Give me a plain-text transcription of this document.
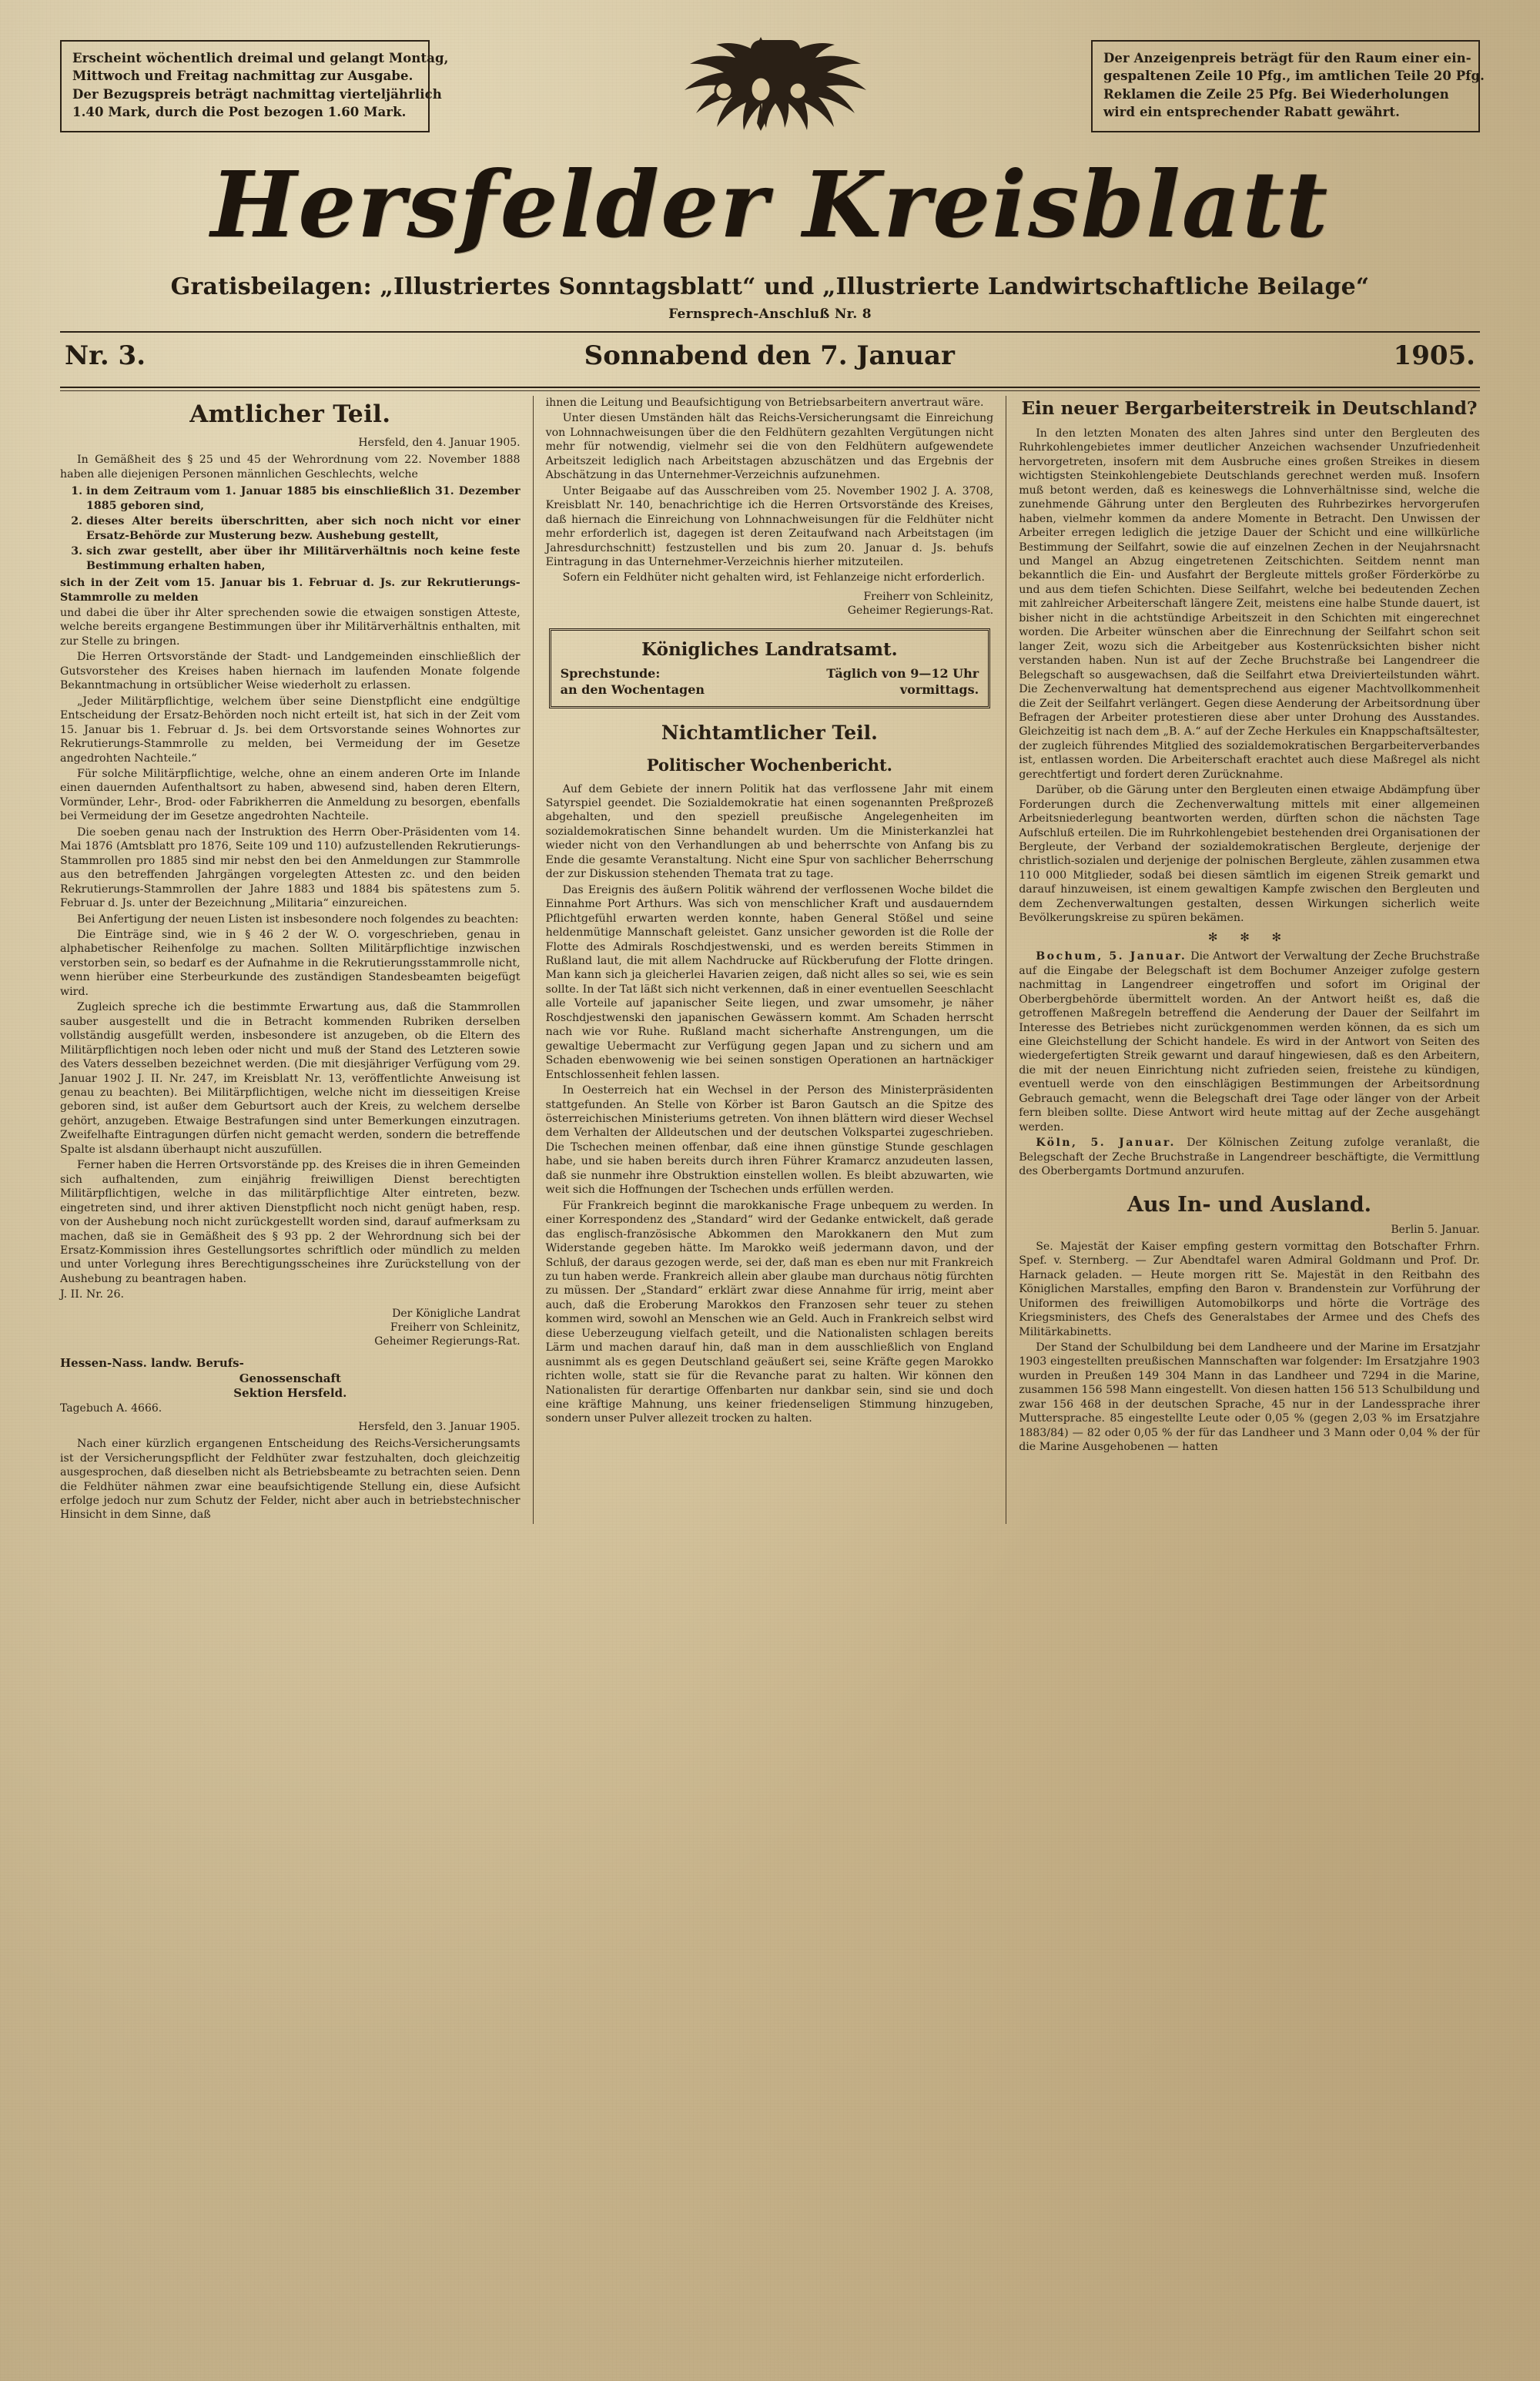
Erscheint wöchentlich dreimal und gelangt Montag,
Mittwoch und Freitag nachmittag zur Ausgabe.
Der Bezugspreis beträgt nachmittag vierteljährlich
1.40 Mark, durch die Post bezogen 1.60 Mark.
Der Anzeigenpreis beträgt für den Raum einer ein-
gespaltenen Zeile 10 Pfg., im amtlichen Teile 20 Pfg.
Reklamen die Zeile 25 Pfg. Bei Wiederholungen
wird ein entsprechender Rabatt gewährt.
Hersfelder Kreisblatt
Gratisbeilagen: „Illustriertes Sonntagsblatt“ und „Illustrierte Landwirtschaftliche Beilage“
Fernsprech-Anschluß Nr. 8
Nr. 3.	Sonnabend den 7. Januar	1905.
Amtlicher Teil.
Hersfeld, den 4. Januar 1905.

In Gemäßheit des § 25 und 45 der Wehrordnung vom 22. November 1888 haben alle diejenigen Personen männlichen Geschlechts, welche

1. in dem Zeitraum vom 1. Januar 1885 bis einschließlich 31. Dezember 1885 geboren sind,
2. dieses Alter bereits überschritten, aber sich noch nicht vor einer Ersatz-Behörde zur Musterung bezw. Aushebung gestellt,
3. sich zwar gestellt, aber über ihr Militärverhältnis noch keine feste Bestimmung erhalten haben,

sich in der Zeit vom 15. Januar bis 1. Februar d. Js. zur Rekrutierungs-Stammrolle zu melden

und dabei die über ihr Alter sprechenden sowie die etwaigen sonstigen Atteste, welche bereits ergangene Bestimmungen über ihr Militärverhältnis enthalten, mit zur Stelle zu bringen.

Die Herren Ortsvorstände der Stadt- und Landgemeinden einschließlich der Gutsvorsteher des Kreises haben hiernach im laufenden Monate folgende Bekanntmachung in ortsüblicher Weise wiederholt zu erlassen.

„Jeder Militärpflichtige, welchem über seine Dienstpflicht eine endgültige Entscheidung der Ersatz-Behörden noch nicht erteilt ist, hat sich in der Zeit vom 15. Januar bis 1. Februar d. Js. bei dem Ortsvorstande seines Wohnortes zur Rekrutierungs-Stammrolle zu melden, bei Vermeidung der im Gesetze angedrohten Nachteile.“

Für solche Militärpflichtige, welche, ohne an einem anderen Orte im Inlande einen dauernden Aufenthaltsort zu haben, abwesend sind, haben deren Eltern, Vormünder, Lehr-, Brod- oder Fabrikherren die Anmeldung zu besorgen, ebenfalls bei Vermeidung der im Gesetze angedrohten Nachteile.

Die soeben genau nach der Instruktion des Herrn Ober-Präsidenten vom 14. Mai 1876 (Amtsblatt pro 1876, Seite 109 und 110) aufzustellenden Rekrutierungs-Stammrollen pro 1885 sind mir nebst den bei den Anmeldungen zur Stammrolle aus den betreffenden Jahrgängen vorgelegten Attesten zc. und den beiden Rekrutierungs-Stammrollen der Jahre 1883 und 1884 bis spätestens zum 5. Februar d. Js. unter der Bezeichnung „Militaria“ einzureichen.

Bei Anfertigung der neuen Listen ist insbesondere noch folgendes zu beachten:

Die Einträge sind, wie in § 46 2 der W. O. vorgeschrieben, genau in alphabetischer Reihenfolge zu machen. Sollten Militärpflichtige inzwischen verstorben sein, so bedarf es der Aufnahme in die Rekrutierungsstammrolle nicht, wenn hierüber eine Sterbeurkunde des zuständigen Standesbeamten beigefügt wird.

Zugleich spreche ich die bestimmte Erwartung aus, daß die Stammrollen sauber ausgestellt und die in Betracht kommenden Rubriken derselben vollständig ausgefüllt werden, insbesondere ist anzugeben, ob die Eltern des Militärpflichtigen noch leben oder nicht und muß der Stand des Letzteren sowie des Vaters desselben bezeichnet werden. (Die mit diesjähriger Verfügung vom 29. Januar 1902 J. II. Nr. 247, im Kreisblatt Nr. 13, veröffentlichte Anweisung ist genau zu beachten). Bei Militärpflichtigen, welche nicht im diesseitigen Kreise geboren sind, ist außer dem Geburtsort auch der Kreis, zu welchem derselbe gehört, anzugeben. Etwaige Bestrafungen sind unter Bemerkungen einzutragen. Zweifelhafte Eintragungen dürfen nicht gemacht werden, sondern die betreffende Spalte ist alsdann überhaupt nicht auszufüllen.

Ferner haben die Herren Ortsvorstände pp. des Kreises die in ihren Gemeinden sich aufhaltenden, zum einjährig freiwilligen Dienst berechtigten Militärpflichtigen, welche in das militärpflichtige Alter eintreten, bezw. eingetreten sind, und ihrer aktiven Dienstpflicht noch nicht genügt haben, resp. von der Aushebung noch nicht zurückgestellt worden sind, darauf aufmerksam zu machen, daß sie in Gemäßheit des § 93 pp. 2 der Wehrordnung sich bei der Ersatz-Kommission ihres Gestellungsortes schriftlich oder mündlich zu melden und unter Vorlegung ihres Berechtigungsscheines ihre Zurückstellung von der Aushebung zu beantragen haben.

J. II. Nr. 26.

Der Königliche Landrat
Freiherr von Schleinitz,
Geheimer Regierungs-Rat.
Hessen-Nass. landw. Berufs-
Genossenschaft
Sektion Hersfeld.
Tagebuch A. 4666.
Hersfeld, den 3. Januar 1905.

Nach einer kürzlich ergangenen Entscheidung des Reichs-Versicherungsamts ist der Versicherungspflicht der Feldhüter zwar festzuhalten, doch gleichzeitig ausgesprochen, daß dieselben nicht als Betriebsbeamte zu betrachten seien. Denn die Feldhüter nähmen zwar eine beaufsichtigende Stellung ein, diese Aufsicht erfolge jedoch nur zum Schutz der Felder, nicht aber auch in betriebstechnischer Hinsicht in dem Sinne, daß

ihnen die Leitung und Beaufsichtigung von Betriebsarbeitern anvertraut wäre.

Unter diesen Umständen hält das Reichs-Versicherungsamt die Einreichung von Lohnnachweisungen über die den Feldhütern gezahlten Vergütungen nicht mehr für notwendig, vielmehr sei die von den Feldhütern aufgewendete Arbeitszeit lediglich nach Arbeitstagen abzuschätzen und das Ergebnis der Abschätzung in das Unternehmer-Verzeichnis aufzunehmen.

Unter Beigaabe auf das Ausschreiben vom 25. November 1902 J. A. 3708, Kreisblatt Nr. 140, benachrichtige ich die Herren Ortsvorstände des Kreises, daß hiernach die Einreichung von Lohnnachweisungen für die Feldhüter nicht mehr erforderlich ist, dagegen ist deren Zeitaufwand nach Arbeitstagen (im Jahresdurchschnitt) festzustellen und bis zum 20. Januar d. Js. behufs Eintragung in das Unternehmer-Verzeichnis hierher mitzuteilen.

Sofern ein Feldhüter nicht gehalten wird, ist Fehlanzeige nicht erforderlich.

Freiherr von Schleinitz,
Geheimer Regierungs-Rat.
Königliches Landratsamt.
Sprechstunde:	Täglich von 9—12 Uhr
an den Wochentagen	vormittags.
Nichtamtlicher Teil.
Politischer Wochenbericht.

Auf dem Gebiete der innern Politik hat das verflossene Jahr mit einem Satyrspiel geendet. Die Sozialdemokratie hat einen sogenannten Preßprozeß abgehalten, und den speziell preußische Angelegenheiten im sozialdemokratischen Sinne behandelt wurden. Um die Ministerkanzlei hat wieder nicht von den Verhandlungen ab und beherrschte von Anfang bis zu Ende die gesamte Veranstaltung. Nicht eine Spur von sachlicher Beherrschung der zur Diskussion stehenden Themata trat zu tage.

Das Ereignis des äußern Politik während der verflossenen Woche bildet die Einnahme Port Arthurs. Was sich von menschlicher Kraft und ausdauerndem Pflichtgefühl erwarten werden konnte, haben General Stößel und seine heldenmütige Mannschaft geleistet. Ganz unsicher geworden ist die Rolle der Flotte des Admirals Roschdjestwenski, und es werden bereits Stimmen in Rußland laut, die mit allem Nachdrucke auf Rückberufung der Flotte dringen. Man kann sich ja gleicherlei Havarien zeigen, daß nicht alles so sei, wie es sein sollte. In der Tat läßt sich nicht verkennen, daß in einer eventuellen Seeschlacht alle Vorteile auf japanischer Seite liegen, und zwar umsomehr, je näher Roschdjestwenski den japanischen Gewässern kommt. Am Schaden herrscht nach wie vor Ruhe. Rußland macht sicherhafte Anstrengungen, um die gewaltige Uebermacht zur Verfügung gegen Japan und zu sichern und am Schaden ebenwowenig wie bei seinen sonstigen Operationen an hartnäckiger Entschlossenheit fehlen lassen.

In Oesterreich hat ein Wechsel in der Person des Ministerpräsidenten stattgefunden. An Stelle von Körber ist Baron Gautsch an die Spitze des österreichischen Ministeriums getreten. Von ihnen blättern wird dieser Wechsel dem Verhalten der Alldeutschen und der deutschen Volkspartei zugeschrieben. Die Tschechen meinen offenbar, daß eine ihnen günstige Stunde geschlagen habe, und sie haben bereits durch ihren Führer Kramarcz anzudeuten lassen, daß sie nunmehr ihre Obstruktion einstellen wollen. Es bleibt abzuwarten, wie weit sich die Hoffnungen der Tschechen unds erfüllen werden.

Für Frankreich beginnt die marokkanische Frage unbequem zu werden. In einer Korrespondenz des „Standard“ wird der Gedanke entwickelt, daß gerade das englisch-französische Abkommen den Marokkanern den Mut zum Widerstande gegeben hätte. Im Marokko weiß jedermann davon, und der Schluß, der daraus gezogen werde, sei der, daß man es eben nur mit Frankreich zu tun haben werde. Frankreich allein aber glaube man durchaus nötig fürchten zu müssen. Der „Standard“ erklärt zwar diese Annahme für irrig, meint aber auch, daß die Eroberung Marokkos den Franzosen sehr teuer zu stehen kommen wird, sowohl an Menschen wie an Geld. Auch in Frankreich selbst wird diese Ueberzeugung vielfach geteilt, und die Nationalisten schlagen bereits Lärm und machen darauf hin, daß man in dem ausschließlich von England ausnimmt als es gegen Deutschland geäußert sei, seine Kräfte gegen Marokko richten wolle, statt sie für die Revanche parat zu halten. Wir können den Nationalisten für derartige Offenbarten nur dankbar sein, sind sie und doch eine kräftige Mahnung, uns keiner friedenseligen Stimmung hinzugeben, sondern unser Pulver allezeit trocken zu halten.

Ein neuer Bergarbeiterstreik in Deutschland?

In den letzten Monaten des alten Jahres sind unter den Bergleuten des Ruhrkohlengebietes immer deutlicher Anzeichen wachsender Unzufriedenheit hervorgetreten, insofern mit dem Ausbruche eines großen Streikes in diesem wichtigsten Steinkohlengebiete Deutschlands gerechnet werden muß. Insofern muß betont werden, daß es keineswegs die Lohnverhältnisse sind, welche die zunehmende Gährung unter den Bergleuten des Ruhrbezirkes hervorgerufen haben, vielmehr kommen da andere Momente in Betracht. Den Unwissen der Arbeiter erregen lediglich die jetzige Dauer der Schicht und eine willkürliche Bestimmung der Seilfahrt, sowie die auf einzelnen Zechen in der Neujahrsnacht und Mangel an Abzug eingetretenen Zeitschichten. Seitdem nennt man bekanntlich die Ein- und Ausfahrt der Bergleute mittels großer Förderkörbe zu und aus dem tiefen Schichten. Diese Seilfahrt, welche bei bedeutenden Zechen mit zahlreicher Arbeiterschaft längere Zeit, meistens eine halbe Stunde dauert, ist bisher nicht in die achtstündige Arbeitszeit in den Schichten mit eingerechnet worden. Die Arbeiter wünschen aber die Einrechnung der Seilfahrt schon seit langer Zeit, wozu sich die Arbeitgeber aus Kostenrücksichten bisher nicht verstanden haben. Nun ist auf der Zeche Bruchstraße bei Langendreer die Belegschaft so ausgewachsen, daß die Seilfahrt etwa Dreivierteilstunden währt. Die Zechenverwaltung hat dementsprechend aus eigener Machtvollkommenheit die Zeit der Seilfahrt verlängert. Gegen diese Aenderung der Arbeitsordnung über Befragen der Arbeiter protestieren diese aber unter Drohung des Ausstandes. Gleichzeitig ist nach dem „B. A.“ auf der Zeche Herkules ein Knappschaftsältester, der zugleich führendes Mitglied des sozialdemokratischen Bergarbeiterverbandes ist, entlassen worden. Die Arbeiterschaft erachtet auch diese Maßregel als nicht gerechtfertigt und fordert deren Zurücknahme.

Darüber, ob die Gärung unter den Bergleuten einen etwaige Abdämpfung über Forderungen durch die Zechenverwaltung mittels mit einer allgemeinen Arbeitsniederlegung beantworten werden, dürften schon die nächsten Tage Aufschluß erteilen. Die im Ruhrkohlengebiet bestehenden drei Organisationen der Bergleute, der Verband der sozialdemokratischen Bergleute, derjenige der christlich-sozialen und derjenige der polnischen Bergleute, zählen zusammen etwa 110 000 Mitglieder, sodaß bei diesen sämtlich im eigenen Streik gemarkt und darauf hinzuweisen, ist einem gewaltigen Kampfe zwischen den Bergleuten und dem Zechenverwaltungen gestalten, dessen Wirkungen sicherlich weite Bevölkerungskreise zu spüren bekämen.

✻ ✻ ✻

Bochum, 5. Januar. Die Antwort der Verwaltung der Zeche Bruchstraße auf die Eingabe der Belegschaft ist dem Bochumer Anzeiger zufolge gestern nachmittag in Langendreer eingetroffen und sofort im Original der Oberbergbehörde übermittelt worden. An der Antwort heißt es, daß die getroffenen Maßregeln betreffend die Aenderung der Dauer der Seilfahrt im Interesse des Betriebes nicht zurückgenommen werden können, da es sich um eine Gleichstellung der Schicht handele. Es wird in der Antwort von Seiten des wiedergefertigten Streik gewarnt und darauf hingewiesen, daß es den Arbeitern, die mit der neuen Einrichtung nicht zufrieden seien, freistehe zu kündigen, eventuell werde von den einschlägigen Bestimmungen der Arbeitsordnung Gebrauch gemacht, wenn die Belegschaft drei Tage oder länger von der Arbeit fern bleiben sollte. Diese Antwort wird heute mittag auf der Zeche ausgehängt werden.

Köln, 5. Januar. Der Kölnischen Zeitung zufolge veranlaßt, die Belegschaft der Zeche Bruchstraße in Langendreer beschäftigte, die Vermittlung des Oberbergamts Dortmund anzurufen.

Aus In- und Ausland.
Berlin 5. Januar.

Se. Majestät der Kaiser empfing gestern vormittag den Botschafter Frhrn. Spef. v. Sternberg. — Zur Abendtafel waren Admiral Goldmann und Prof. Dr. Harnack geladen. — Heute morgen ritt Se. Majestät in den Reitbahn des Königlichen Marstalles, empfing den Baron v. Brandenstein zur Vorführung der Uniformen des freiwilligen Automobilkorps und hörte die Vorträge des Kriegsministers, des Chefs des Generalstabes der Armee und des Chefs des Militärkabinetts.

Der Stand der Schulbildung bei dem Landheere und der Marine im Ersatzjahr 1903 eingestellten preußischen Mannschaften war folgender: Im Ersatzjahre 1903 wurden in Preußen 149 304 Mann in das Landheer und 7294 in die Marine, zusammen 156 598 Mann eingestellt. Von diesen hatten 156 513 Schulbildung und zwar 156 468 in der deutschen Sprache, 45 nur in der Landessprache ihrer Muttersprache. 85 eingestellte Leute oder 0,05 % (gegen 2,03 % im Ersatzjahre 1883/84) — 82 oder 0,05 % der für das Landheer und 3 Mann oder 0,04 % der für die Marine Ausgehobenen — hatten
